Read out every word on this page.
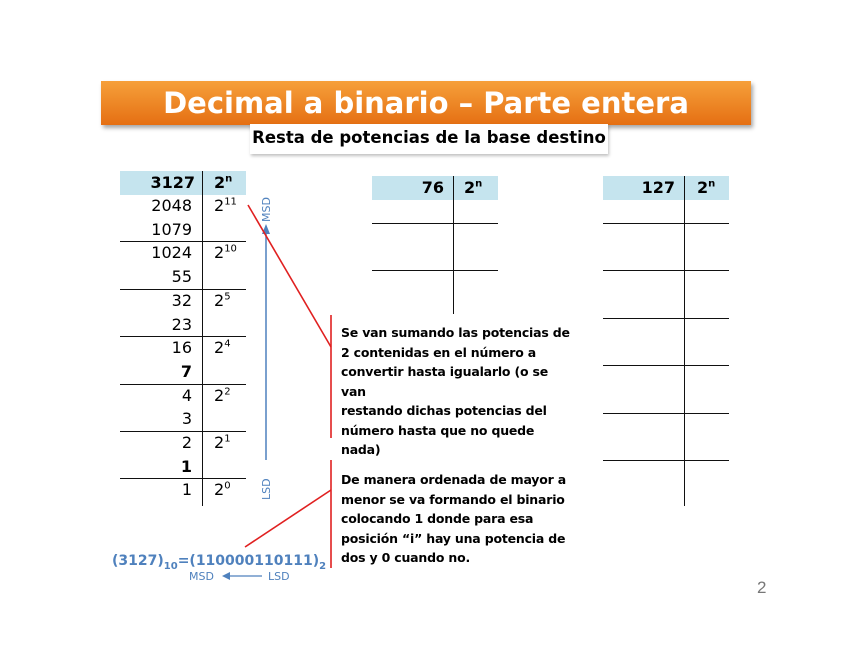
Decimal a binario – Parte entera
Resta de potencias de la base destino
3127 2$^n$
2048 $2^{11}$
1079
1024 $2^{10}$
55
32 $2^5$
23
16 $2^4$
7
4 $2^2$
3
2 $2^1$
1
1 $2^0$
MSD
LSD
76 2$^n$	127 2$^n$
Se van sumando las potencias de
2 contenidas en el número a
convertir hasta igualarlo (o se van
restando dichas potencias del
número hasta que no quede
nada)
De manera ordenada de mayor a
menor se va formando el binario
colocando 1 donde para esa
posición “i” hay una potencia de
dos y 0 cuando no.
$(3127)_{10}=(110000110111)_2$
MSD	LSD
2
